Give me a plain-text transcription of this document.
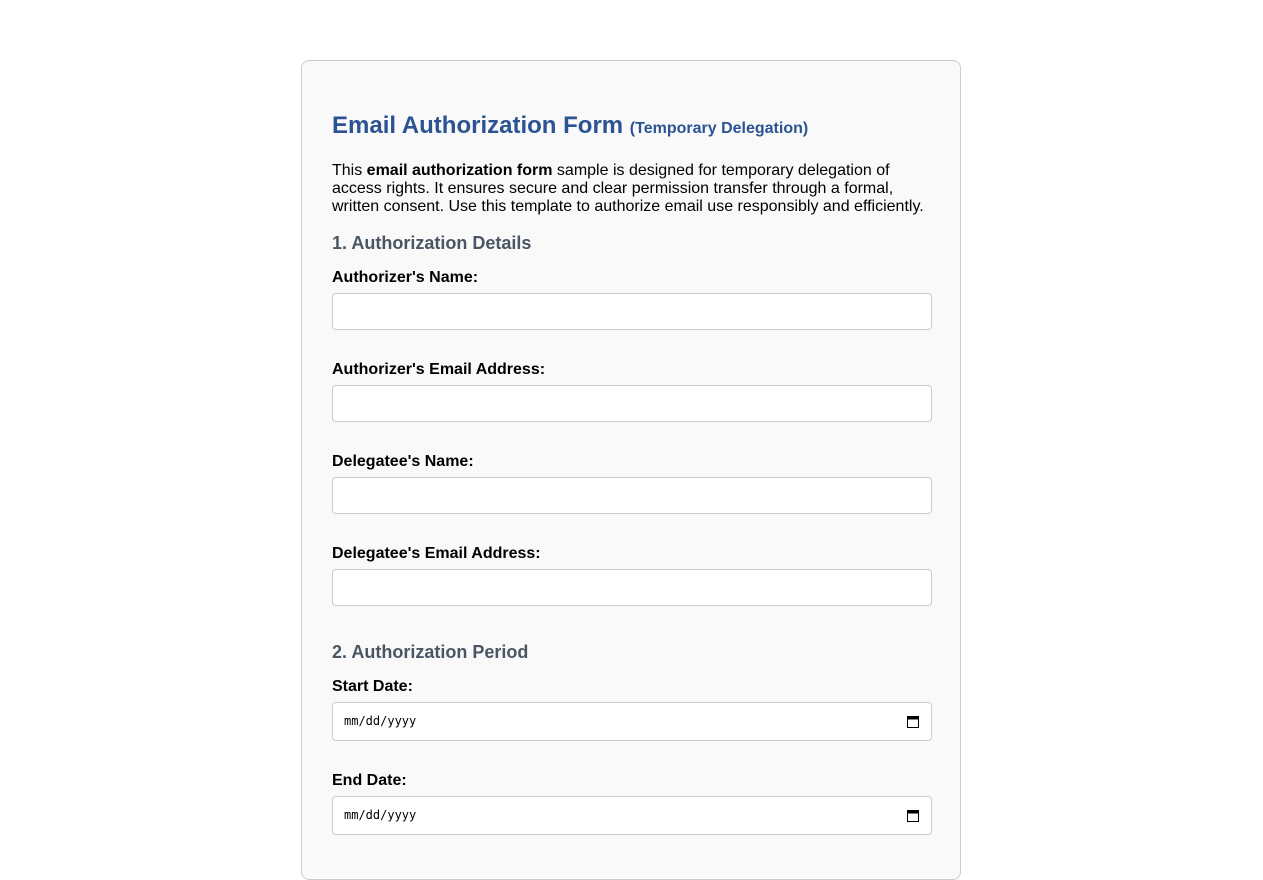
Email Authorization Form (Temporary Delegation)

This email authorization form sample is designed for temporary delegation of access rights. It ensures secure and clear permission transfer through a formal, written consent. Use this template to authorize email use responsibly and efficiently.

1. Authorization Details
Authorizer's Name:
Authorizer's Email Address:
Delegatee's Name:
Delegatee's Email Address:
2. Authorization Period
Start Date:
mm/dd/yyyy
End Date:
mm/dd/yyyy
